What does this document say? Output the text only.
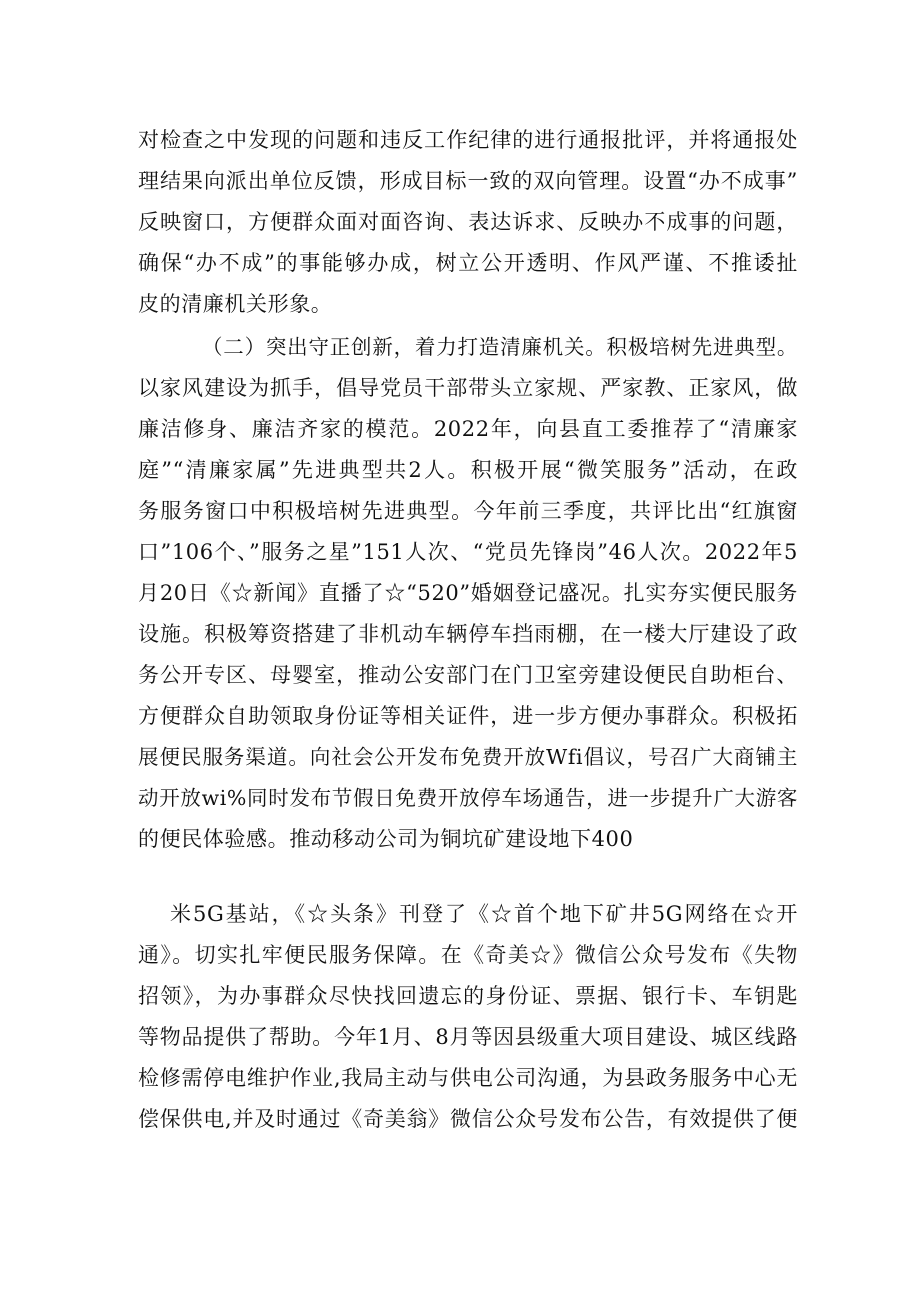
对检查之中发现的问题和违反工作纪律的进行通报批评，并将通报处
理结果向派出单位反馈，形成目标一致的双向管理。设置“办不成事”
反映窗口，方便群众面对面咨询、表达诉求、反映办不成事的问题，
确保“办不成”的事能够办成，树立公开透明、作风严谨、不推诿扯
皮的清廉机关形象。
（二）突出守正创新，着力打造清廉机关。积极培树先进典型。
以家风建设为抓手，倡导党员干部带头立家规、严家教、正家风，做
廉洁修身、廉洁齐家的模范。2022年，向县直工委推荐了“清廉家
庭”“清廉家属”先进典型共2人。积极开展“微笑服务”活动，在政
务服务窗口中积极培树先进典型。今年前三季度，共评比出“红旗窗
口”106个、”服务之星”151人次、“党员先锋岗”46人次。2022年5
月20日《☆新闻》直播了☆“520”婚姻登记盛况。扎实夯实便民服务
设施。积极筹资搭建了非机动车辆停车挡雨棚，在一楼大厅建设了政
务公开专区、母婴室，推动公安部门在门卫室旁建设便民自助柜台、
方便群众自助领取身份证等相关证件，进一步方便办事群众。积极拓
展便民服务渠道。向社会公开发布免费开放Wfi倡议，号召广大商铺主
动开放wi%同时发布节假日免费开放停车场通告，进一步提升广大游客
的便民体验感。推动移动公司为铜坑矿建设地下400
米5G基站，《☆头条》刊登了《☆首个地下矿井5G网络在☆开
通》。切实扎牢便民服务保障。在《奇美☆》微信公众号发布《失物
招领》，为办事群众尽快找回遗忘的身份证、票据、银行卡、车钥匙
等物品提供了帮助。今年1月、8月等因县级重大项目建设、城区线路
检修需停电维护作业,我局主动与供电公司沟通，为县政务服务中心无
偿保供电,并及时通过《奇美翁》微信公众号发布公告，有效提供了便
